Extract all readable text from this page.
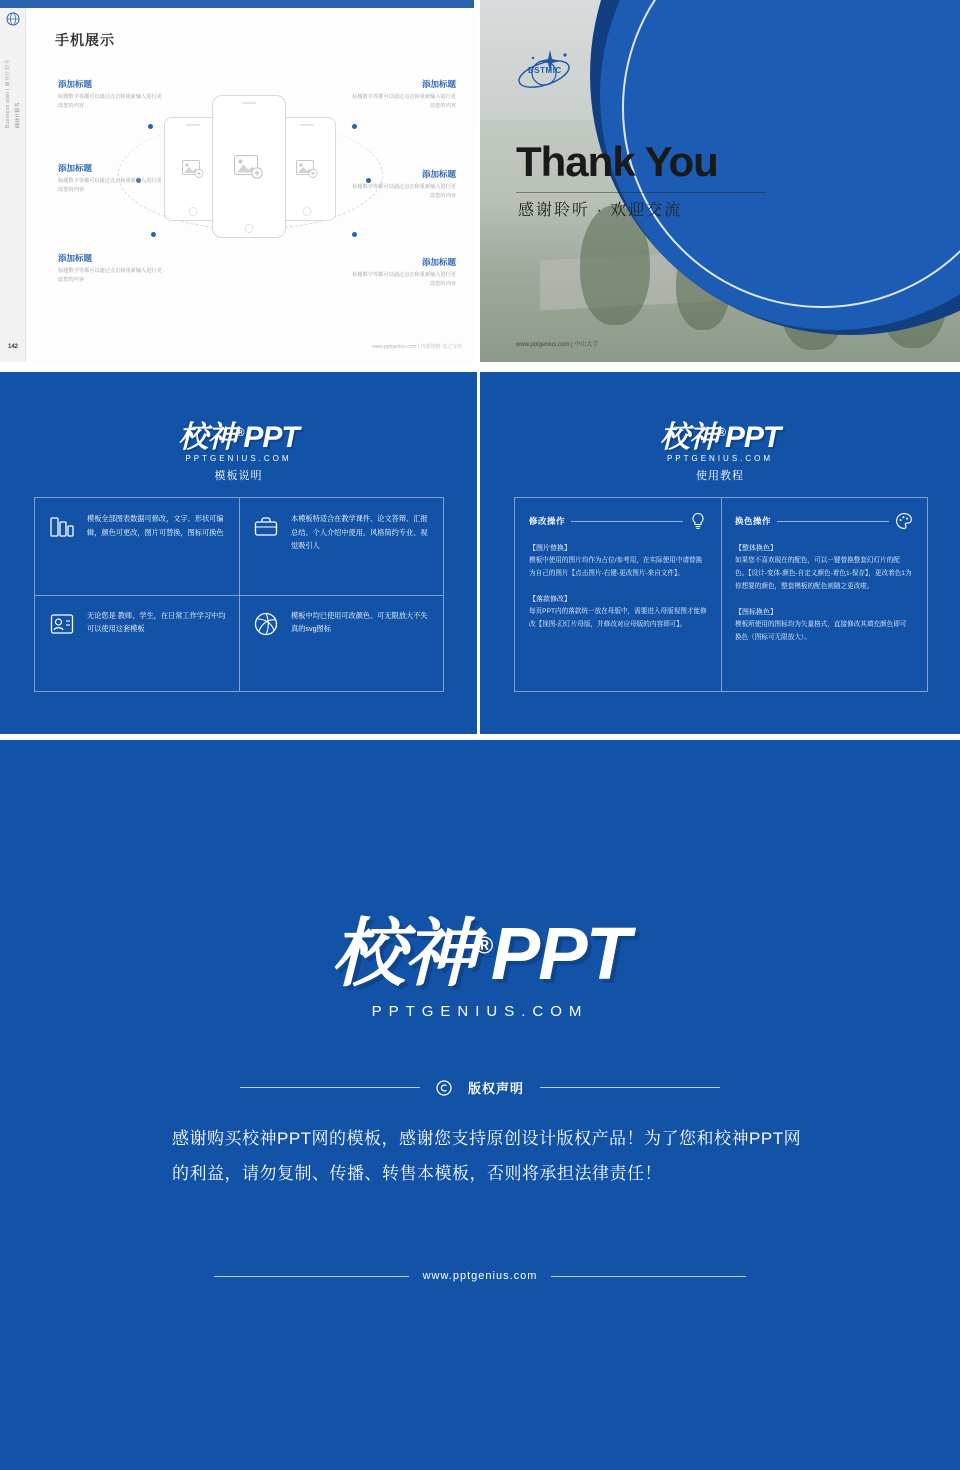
Business plan | 商业计划书 商业计划书
手机展示
添加标题
标题数字等都可以通过点击和重新输入进行更改您的内容
添加标题
标题数字等都可以通过点击和重新输入进行更改您的内容
添加标题
标题数字等都可以通过点击和重新输入进行更改您的内容
添加标题
标题数字等都可以通过点击和重新输入进行更改您的内容
添加标题
标题数字等都可以通过点击和重新输入进行更改您的内容
添加标题
标题数字等都可以通过点击和重新输入进行更改您的内容
142	www.pptgenius.com | 内部资料 仅之分传
BSTMIC
Thank You
感谢聆听 · 欢迎交流
www.pptgenius.com | 中山大学
校神®PPT
PPTGENIUS.COM
模板说明
模板全部图表数据可修改，文字、形状可编辑，颜色可更改，图片可替换，图标可换色
本模板特适合在教学课件、论文答辩、汇报总结、个人介绍中使用。风格简约专业、视觉吸引人
无论您是 教师、学生，在日常工作学习中均可以使用这套模板
模板中均已使用可改颜色、可无限放大不失真的svg图标
校神®PPT
PPTGENIUS.COM
使用教程
修改操作
【图片替换】
模板中使用的图片均作为占位/参考用，在实际使用中请替换为自己的图片【点击图片-右键-更改图片-来自文件】。
【落款修改】
每页PPT内的落款统一放在母版中，需要进入母版视图才能修改【视图-幻灯片母版，并修改对应母版的内容即可】。
换色操作
【整体换色】
如果您不喜欢现在的配色，可以一键替换整套幻灯片的配色。【设计-变体-颜色-自定义颜色-着色1-保存】，更改着色1为你想要的颜色，整套模板的配色则随之更改啦。
【图标换色】
模板所使用的图标均为矢量格式，直接修改其填充颜色即可换色（图标可无限放大）。
校神®PPT
PPTGENIUS.COM
版权声明
感谢购买校神PPT网的模板，感谢您支持原创设计版权产品！为了您和校神PPT网的利益，请勿复制、传播、转售本模板，否则将承担法律责任！
www.pptgenius.com
